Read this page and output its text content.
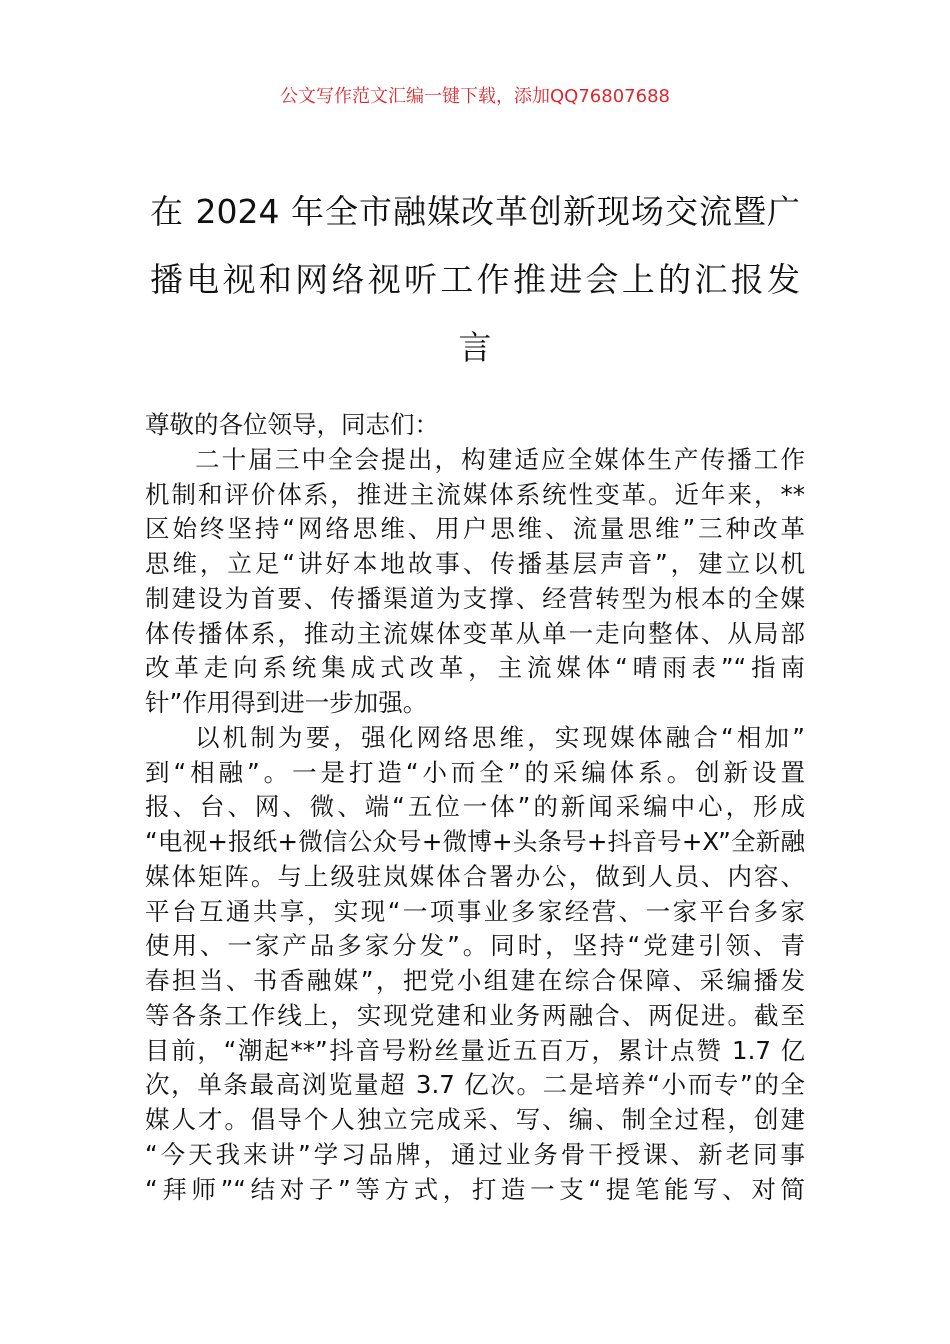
公文写作范文汇编一键下载，添加QQ76807688
在 2024 年全市融媒改革创新现场交流暨广
播电视和网络视听工作推进会上的汇报发
言
尊敬的各位领导，同志们：
二十届三中全会提出，构建适应全媒体生产传播工作
机制和评价体系，推进主流媒体系统性变革。近年来，**
区始终坚持“网络思维、用户思维、流量思维”三种改革
思维，立足“讲好本地故事、传播基层声音”，建立以机
制建设为首要、传播渠道为支撑、经营转型为根本的全媒
体传播体系，推动主流媒体变革从单一走向整体、从局部
改革走向系统集成式改革，主流媒体“晴雨表”“指南
针”作用得到进一步加强。
以机制为要，强化网络思维，实现媒体融合“相加”
到“相融”。一是打造“小而全”的采编体系。创新设置
报、台、网、微、端“五位一体”的新闻采编中心，形成
“电视+报纸+微信公众号+微博+头条号+抖音号+X”全新融
媒体矩阵。与上级驻岚媒体合署办公，做到人员、内容、
平台互通共享，实现“一项事业多家经营、一家平台多家
使用、一家产品多家分发”。同时，坚持“党建引领、青
春担当、书香融媒”，把党小组建在综合保障、采编播发
等各条工作线上，实现党建和业务两融合、两促进。截至
目前，“潮起**”抖音号粉丝量近五百万，累计点赞 1.7 亿
次，单条最高浏览量超 3.7 亿次。二是培养“小而专”的全
媒人才。倡导个人独立完成采、写、编、制全过程，创建
“今天我来讲”学习品牌，通过业务骨干授课、新老同事
“拜师”“结对子”等方式，打造一支“提笔能写、对简
